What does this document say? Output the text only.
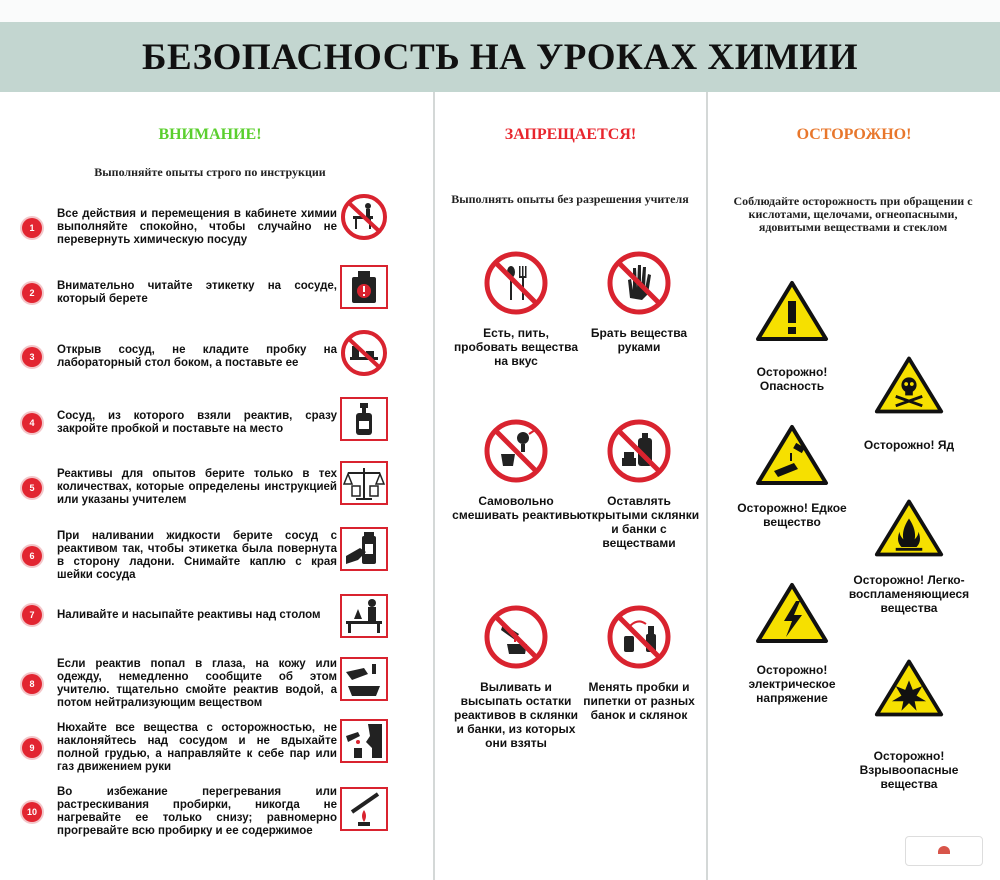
БЕЗОПАСНОСТЬ НА УРОКАХ ХИМИИ
ВНИМАНИЕ!
Выполняйте опыты строго по инструкции
1
Все действия и перемещения в кабинете химии выполняйте спокойно, чтобы случайно не перевернуть химическую посуду
2
Внимательно читайте этикетку на сосуде, который берете
3
Открыв сосуд, не кладите пробку на лабораторный стол боком, а поставьте ее
4
Сосуд, из которого взяли реактив, сразу закройте пробкой и поставьте на место
5
Реактивы для опытов берите только в тех количествах, которые определены инструкцией или указаны учителем
6
При наливании жидкости берите сосуд с реактивом так, чтобы этикетка была повернута в сторону ладони. Снимайте каплю с края шейки сосуда
7	Наливайте и насыпайте реактивы над столом
8
Если реактив попал в глаза, на кожу или одежду, немедленно сообщите об этом учителю. тщательно смойте реактив водой, а потом нейтрализующим веществом
9
Нюхайте все вещества с осторожностью, не наклоняйтесь над сосудом и не вдыхайте полной грудью, а направляйте к себе пар или газ движением руки
10
Во избежание перегревания или растрескивания пробирки, никогда не нагревайте ее только снизу; равномерно прогревайте всю пробирку и ее содержимое
ЗАПРЕЩАЕТСЯ!
Выполнять опыты без разрешения учителя
Есть, пить, пробовать вещества на вкус
Брать вещества руками
Самовольно смешивать реактивы
Оставлять открытыми склянки и банки с веществами
Выливать и высыпать остатки реактивов в склянки и банки, из которых они взяты
Менять пробки и пипетки от разных банок и склянок
ОСТОРОЖНО!
Соблюдайте осторожность при обращении с кислотами, щелочами, огнеопасными, ядовитыми веществами и стеклом
Осторожно! Опасность
Осторожно! Яд
Осторожно! Едкое вещество
Осторожно! Легко-воспламеняющиеся вещества
Осторожно! электрическое напряжение
Осторожно! Взрывоопасные вещества
